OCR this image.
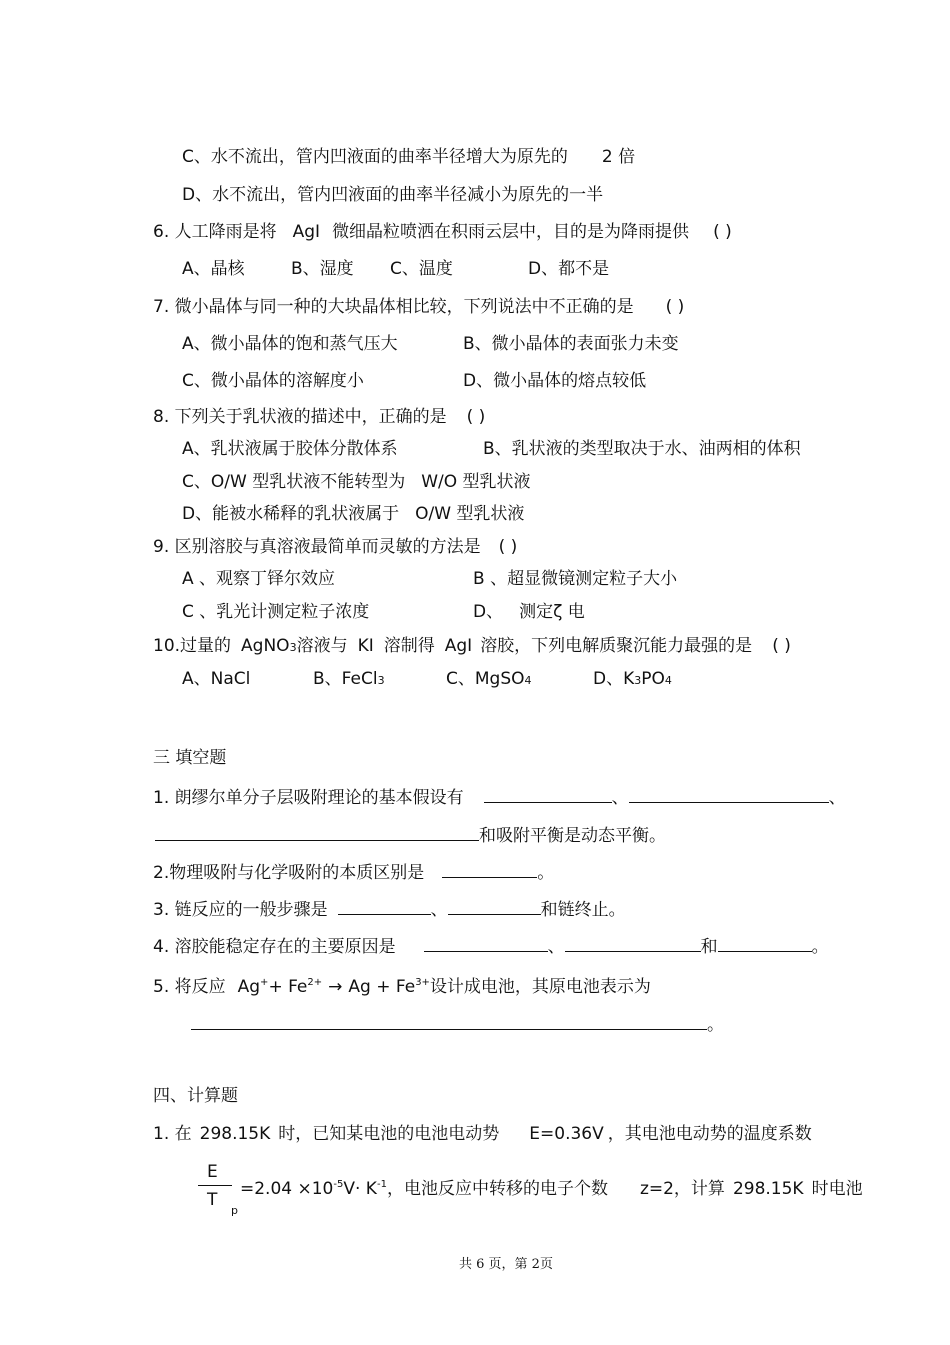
C、水不流出，管内凹液面的曲率半径增大为原先的 2 倍
D、水不流出，管内凹液面的曲率半径减小为原先的一半
6. 人工降雨是将 AgI 微细晶粒喷洒在积雨云层中，目的是为降雨提供 ( )
A、晶核	B、湿度 C、温度	D、都不是
7. 微小晶体与同一种的大块晶体相比较，下列说法中不正确的是 ( )
A、微小晶体的饱和蒸气压大	B、微小晶体的表面张力未变
C、微小晶体的溶解度小	D、微小晶体的熔点较低
8. 下列关于乳状液的描述中，正确的是 ( )
A、乳状液属于胶体分散体系	B、乳状液的类型取决于水、油两相的体积
C、O/W 型乳状液不能转型为 W/O 型乳状液
D、能被水稀释的乳状液属于 O/W 型乳状液
9. 区别溶胶与真溶液最简单而灵敏的方法是 ( )
A 、观察丁铎尔效应	B 、超显微镜测定粒子大小
C 、乳光计测定粒子浓度	D、 测定ζ 电
10.过量的 AgNO3溶液与 KI 溶制得 AgI 溶胶，下列电解质聚沉能力最强的是 ( )
A、NaCl	B、FeCl3	C、MgSO4	D、K3PO4
三 填空题
1. 朗缪尔单分子层吸附理论的基本假设有	、	、
和吸附平衡是动态平衡。
2.物理吸附与化学吸附的本质区别是	。
3. 链反应的一般步骤是	、	和链终止。
4. 溶胶能稳定存在的主要原因是	、	和	。
5. 将反应 $Ag^++ Fe^{2+} \to Ag + Fe^{3+}$设计成电池，其原电池表示为
。
四、计算题
1. 在 298.15K 时，已知某电池的电池电动势 E=0.36V ，其电池电动势的温度系数
E
T
p
$=2.04 \times 10^{-5}V\cdot K^{-1}$，电池反应中转移的电子个数 z=2，计算 298.15K 时电池
共 6 页，第 2页
